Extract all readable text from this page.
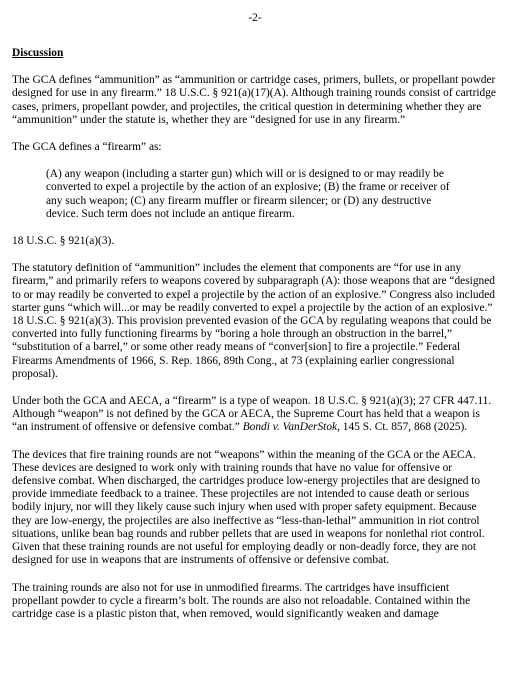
-2-
Discussion

The GCA defines “ammunition” as “ammunition or cartridge cases, primers, bullets, or propellant powder designed for use in any firearm.” 18 U.S.C. § 921(a)(17)(A). Although training rounds consist of cartridge cases, primers, propellant powder, and projectiles, the critical question in determining whether they are “ammunition” under the statute is, whether they are “designed for use in any firearm.”

The GCA defines a “firearm” as:

(A) any weapon (including a starter gun) which will or is designed to or may readily be converted to expel a projectile by the action of an explosive; (B) the frame or receiver of any such weapon; (C) any firearm muffler or firearm silencer; or (D) any destructive device. Such term does not include an antique firearm.

18 U.S.C. § 921(a)(3).

The statutory definition of “ammunition” includes the element that components are “for use in any firearm,” and primarily refers to weapons covered by subparagraph (A): those weapons that are “designed to or may readily be converted to expel a projectile by the action of an explosive.” Congress also included starter guns “which will...or may be readily converted to expel a projectile by the action of an explosive.” 18 U.S.C. § 921(a)(3). This provision prevented evasion of the GCA by regulating weapons that could be converted into fully functioning firearms by “boring a hole through an obstruction in the barrel,” “substitution of a barrel,” or some other ready means of “conver[sion] to fire a projectile.” Federal Firearms Amendments of 1966, S. Rep. 1866, 89th Cong., at 73 (explaining earlier congressional proposal).

Under both the GCA and AECA, a “firearm” is a type of weapon. 18 U.S.C. § 921(a)(3); 27 CFR 447.11. Although “weapon” is not defined by the GCA or AECA, the Supreme Court has held that a weapon is “an instrument of offensive or defensive combat.” Bondi v. VanDerStok, 145 S. Ct. 857, 868 (2025).

The devices that fire training rounds are not “weapons” within the meaning of the GCA or the AECA. These devices are designed to work only with training rounds that have no value for offensive or defensive combat. When discharged, the cartridges produce low-energy projectiles that are designed to provide immediate feedback to a trainee. These projectiles are not intended to cause death or serious bodily injury, nor will they likely cause such injury when used with proper safety equipment. Because they are low-energy, the projectiles are also ineffective as “less-than-lethal” ammunition in riot control situations, unlike bean bag rounds and rubber pellets that are used in weapons for nonlethal riot control. Given that these training rounds are not useful for employing deadly or non-deadly force, they are not designed for use in weapons that are instruments of offensive or defensive combat.

The training rounds are also not for use in unmodified firearms. The cartridges have insufficient propellant powder to cycle a firearm’s bolt. The rounds are also not reloadable. Contained within the cartridge case is a plastic piston that, when removed, would significantly weaken and damage
